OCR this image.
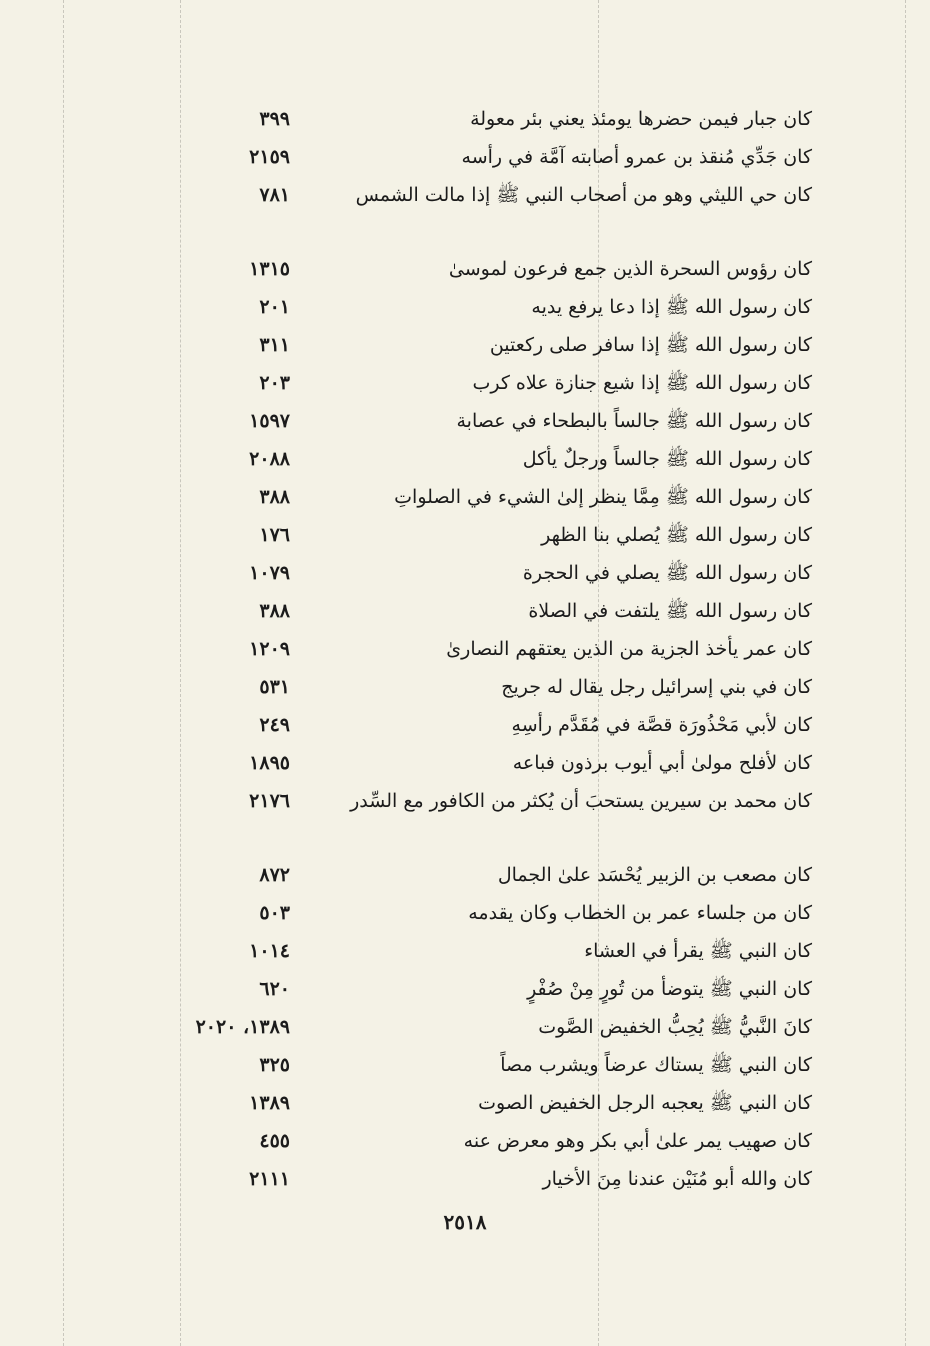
كان جبار فيمن حضرها يومئذ يعني بئر معولة
٣٩٩
كان جَدِّي مُنقذ بن عمرو أصابته آمَّة في رأسه
٢١٥٩
كان حي الليثي وهو من أصحاب النبي ﷺ إذا مالت الشمس
٧٨١
كان رؤوس السحرة الذين جمع فرعون لموسىٰ
١٣١٥
كان رسول الله ﷺ إذا دعا يرفع يديه
٢٠١
كان رسول الله ﷺ إذا سافر صلى ركعتين
٣١١
كان رسول الله ﷺ إذا شيع جنازة علاه كرب
٢٠٣
كان رسول الله ﷺ جالساً بالبطحاء في عصابة
١٥٩٧
كان رسول الله ﷺ جالساً ورجلٌ يأكل
٢٠٨٨
كان رسول الله ﷺ مِمَّا ينظر إلىٰ الشيء في الصلواتِ
٣٨٨
كان رسول الله ﷺ يُصلي بنا الظهر
١٧٦
كان رسول الله ﷺ يصلي في الحجرة
١٠٧٩
كان رسول الله ﷺ يلتفت في الصلاة
٣٨٨
كان عمر يأخذ الجزية من الذين يعتقهم النصارىٰ
١٢٠٩
كان في بني إسرائيل رجل يقال له جريج
٥٣١
كان لأبي مَحْذُورَة قصَّة في مُقَدَّم رأسِهِ
٢٤٩
كان لأفلح مولىٰ أبي أيوب برذون فباعه
١٨٩٥
كان محمد بن سيرين يستحبَ أن يُكثر من الكافور مع السِّدر
٢١٧٦
كان مصعب بن الزبير يُحْسَد علىٰ الجمال
٨٧٢
كان من جلساء عمر بن الخطاب وكان يقدمه
٥٠٣
كان النبي ﷺ يقرأ في العشاء
١٠١٤
كان النبي ﷺ يتوضأ من تُورٍ مِنْ صُفْرٍ
٦٢٠
كانَ النَّبيُّ ﷺ يُحِبُّ الخفيض الصَّوت
١٣٨٩، ٢٠٢٠
كان النبي ﷺ يستاك عرضاً ويشرب مصاً
٣٢٥
كان النبي ﷺ يعجبه الرجل الخفيض الصوت
١٣٨٩
كان صهيب يمر علىٰ أبي بكر وهو معرض عنه
٤٥٥
كان والله أبو مُنَيْن عندنا مِنَ الأخيار
٢١١١
٢٥١٨
